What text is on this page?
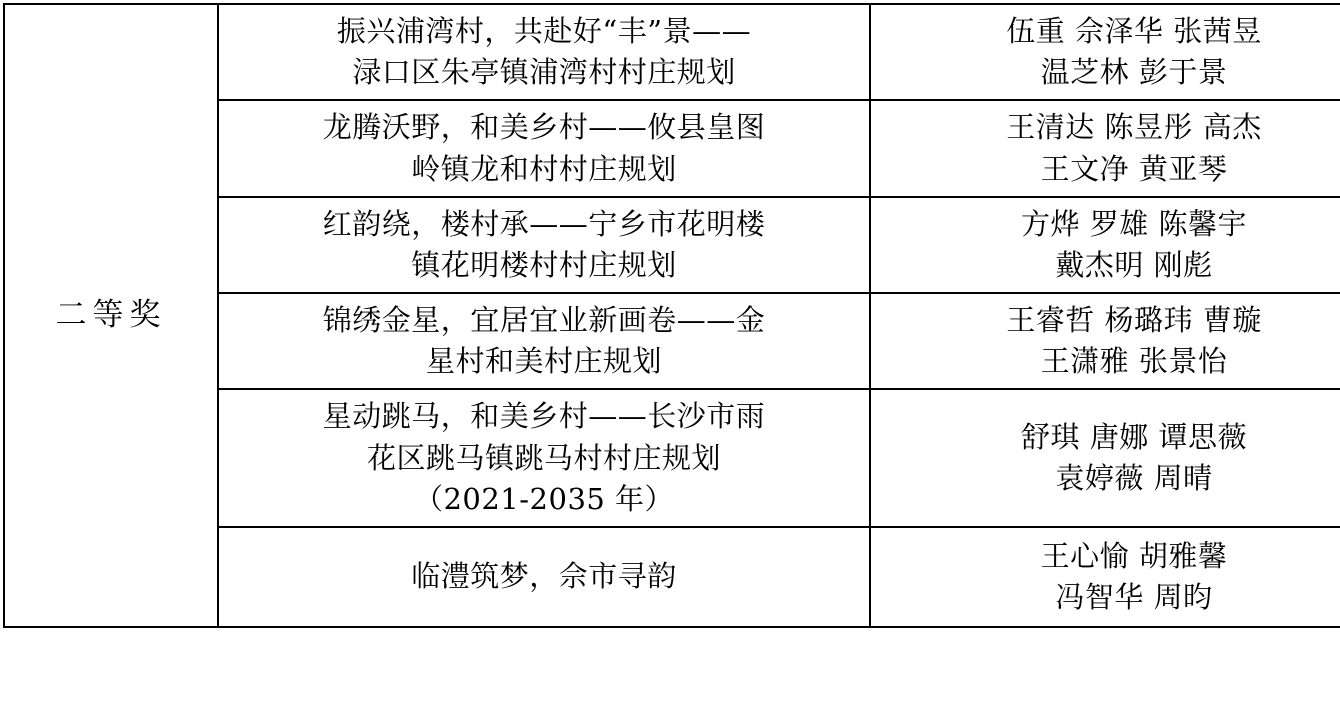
二等奖	振兴浦湾村，共赴好“丰”景——
渌口区朱亭镇浦湾村村庄规划	伍重 佘泽华 张茜昱
温芝林 彭于景

	龙腾沃野，和美乡村——攸县皇图
岭镇龙和村村庄规划	王清达 陈昱彤 高杰
王文净 黄亚琴

	红韵绕，楼村承——宁乡市花明楼
镇花明楼村村庄规划	方烨 罗雄 陈馨宇
戴杰明 刚彪

	锦绣金星，宜居宜业新画卷——金
星村和美村庄规划	王睿哲 杨璐玮 曹璇
王潇雅 张景怡

	星动跳马，和美乡村——长沙市雨
花区跳马镇跳马村村庄规划
（2021-2035 年）	舒琪 唐娜 谭思薇
袁婷薇 周晴

	临澧筑梦，佘市寻韵	王心愉 胡雅馨
冯智华 周昀
